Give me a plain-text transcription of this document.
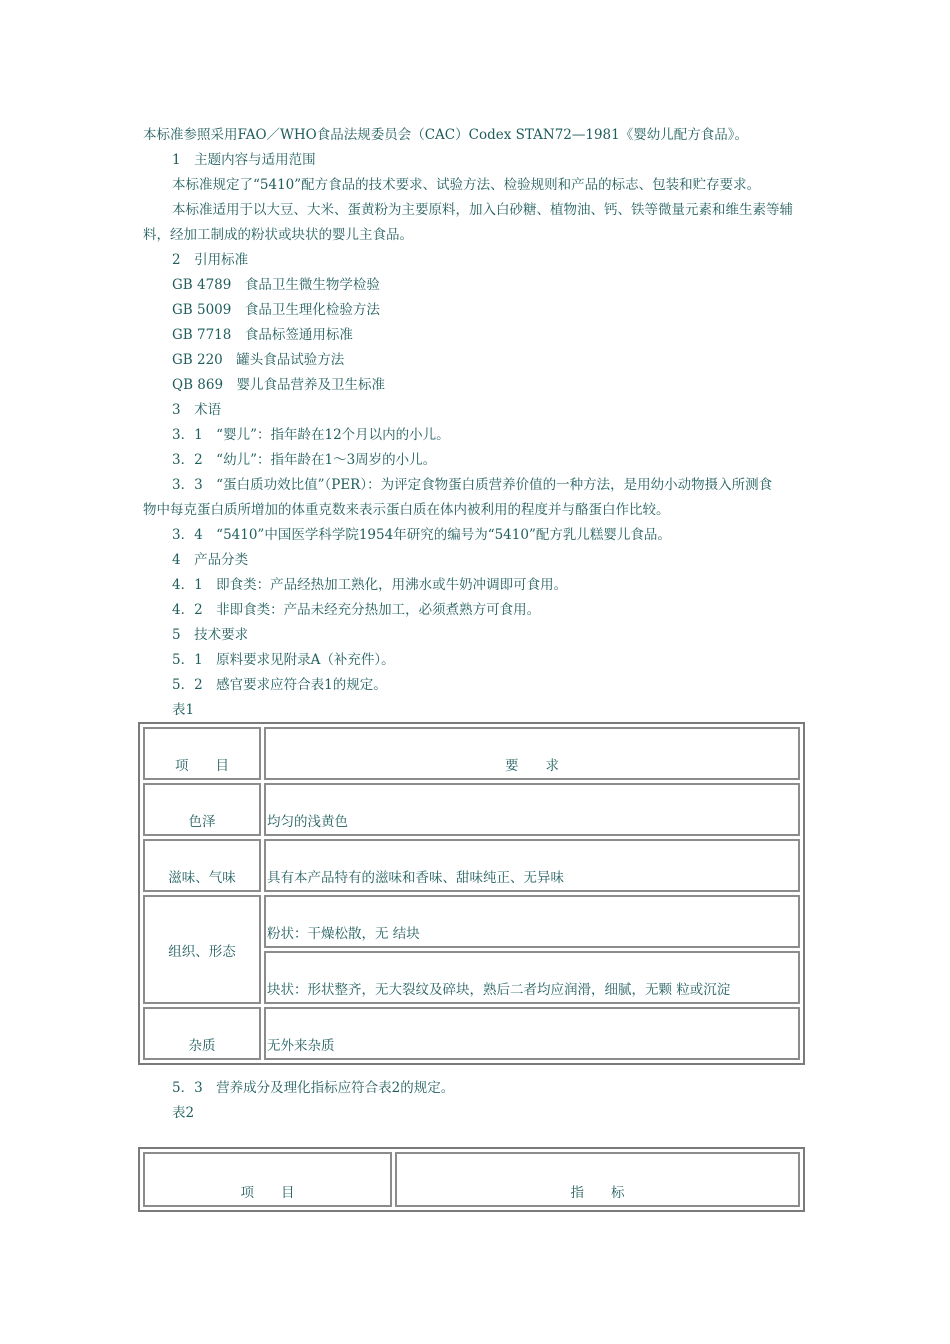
本标准参照采用FAO／WHO食品法规委员会（CAC）Codex STAN72—1981《婴幼儿配方食品》。
1　主题内容与适用范围
本标准规定了“5410”配方食品的技术要求、试验方法、检验规则和产品的标志、包装和贮存要求。
本标准适用于以大豆、大米、蛋黄粉为主要原料，加入白砂糖、植物油、钙、铁等微量元素和维生素等辅
料，经加工制成的粉状或块状的婴儿主食品。
2　引用标准
GB 4789　食品卫生微生物学检验
GB 5009　食品卫生理化检验方法
GB 7718　食品标签通用标准
GB 220　罐头食品试验方法
QB 869　婴儿食品营养及卫生标准
3　术语
3．1　“婴儿”：指年龄在12个月以内的小儿。
3．2　“幼儿”：指年龄在1～3周岁的小儿。
3．3　“蛋白质功效比值”（PER）：为评定食物蛋白质营养价值的一种方法，是用幼小动物摄入所测食
物中每克蛋白质所增加的体重克数来表示蛋白质在体内被利用的程度并与酪蛋白作比较。
3．4　“5410”中国医学科学院1954年研究的编号为“5410”配方乳儿糕婴儿食品。
4　产品分类
4．1　即食类：产品经热加工熟化，用沸水或牛奶冲调即可食用。
4．2　非即食类：产品未经充分热加工，必须煮熟方可食用。
5　技术要求
5．1　原料要求见附录A（补充件）。
5．2　感官要求应符合表1的规定。
表1
项　　目	要　　求
色泽	均匀的浅黄色
滋味、气味	具有本产品特有的滋味和香味、甜味纯正、无异味
组织、形态	粉状：干燥松散，无 结块
	块状：形状整齐，无大裂纹及碎块，熟后二者均应润滑，细腻，无颗 粒或沉淀
杂质	无外来杂质
5．3　营养成分及理化指标应符合表2的规定。
表2
项　　目	指　　标
